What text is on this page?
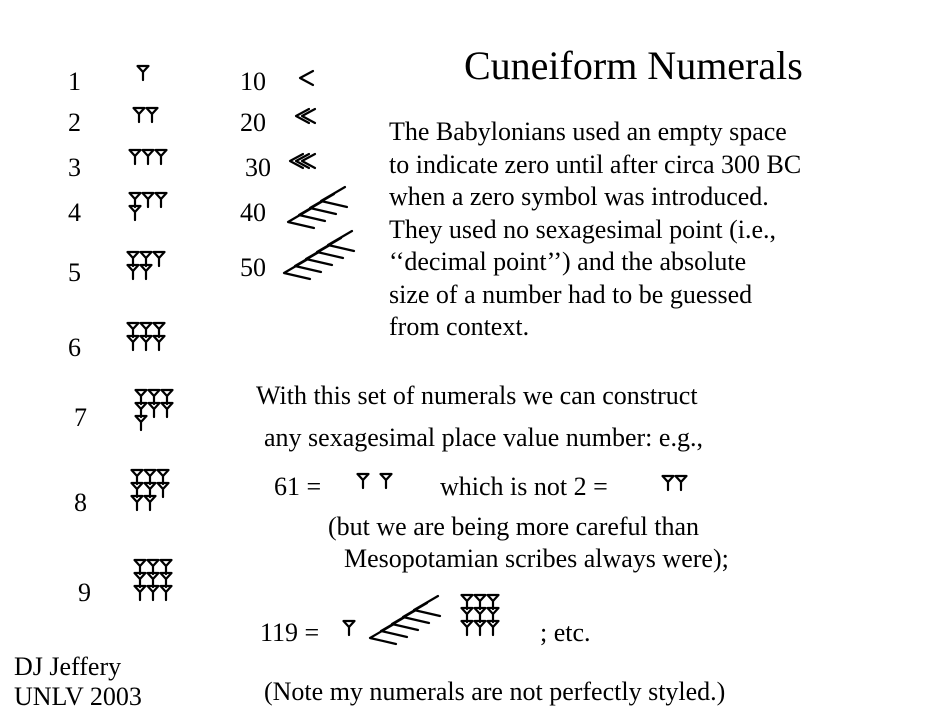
Cuneiform Numerals
1
2
3
4
5
6
7
8
9
10
20
30
40
50
The Babylonians used an empty space
to indicate zero until after circa 300 BC
when a zero symbol was introduced.
They used no sexagesimal point (i.e.,
‘‘decimal point’’) and the absolute
size of a number had to be guessed
from context.
With this set of numerals we can construct
any sexagesimal place value number: e.g.,
61 =	which is not 2 =
(but we are being more careful than
Mesopotamian scribes always were);
119 =	; etc.
(Note my numerals are not perfectly styled.)
DJ Jeffery
UNLV 2003
